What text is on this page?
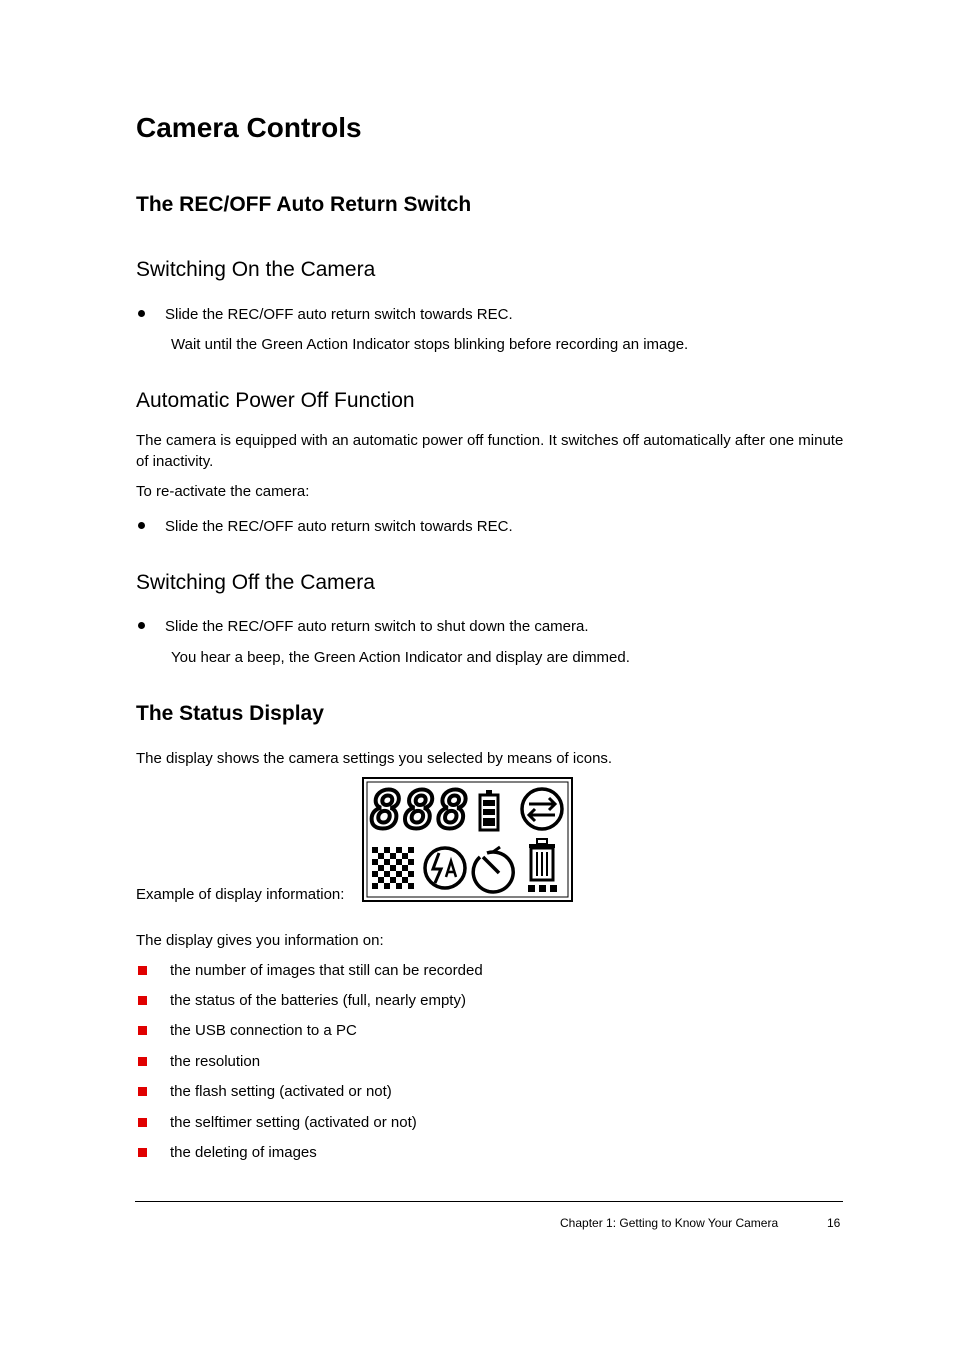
Camera Controls
The REC/OFF Auto Return Switch
Switching On the Camera

Slide the REC/OFF auto return switch towards REC.

Wait until the Green Action Indicator stops blinking before recording an image.

Automatic Power Off Function

The camera is equipped with an automatic power off function. It switches off automatically after one minute of inactivity.

To re-activate the camera:

Slide the REC/OFF auto return switch towards REC.

Switching Off the Camera

Slide the REC/OFF auto return switch to shut down the camera.

You hear a beep, the Green Action Indicator and display are dimmed.

The Status Display

The display shows the camera settings you selected by means of icons.

Example of display information:

888

The display gives you information on:

the number of images that still can be recorded

the status of the batteries (full, nearly empty)

the USB connection to a PC

the resolution

the flash setting (activated or not)

the selftimer setting (activated or not)

the deleting of images

Chapter 1: Getting to Know Your Camera	16
